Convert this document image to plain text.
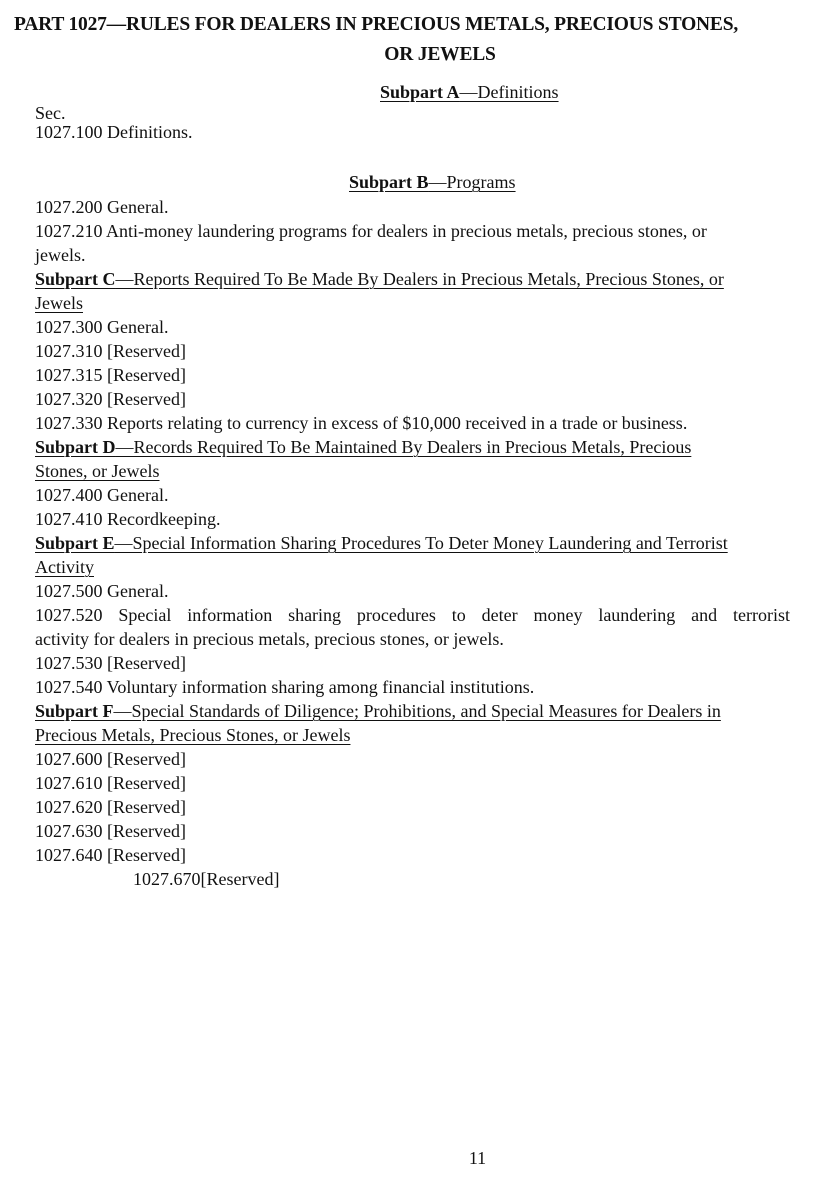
PART 1027—RULES FOR DEALERS IN PRECIOUS METALS, PRECIOUS STONES,
OR JEWELS
Subpart A—Definitions
Sec.
1027.100 Definitions.
Subpart B—Programs
1027.200 General.
1027.210 Anti-money laundering programs for dealers in precious metals, precious stones, or
jewels.
Subpart C—Reports Required To Be Made By Dealers in Precious Metals, Precious Stones, or
Jewels
1027.300 General.
1027.310 [Reserved]
1027.315 [Reserved]
1027.320 [Reserved]
1027.330 Reports relating to currency in excess of $10,000 received in a trade or business.
Subpart D—Records Required To Be Maintained By Dealers in Precious Metals, Precious
Stones, or Jewels
1027.400 General.
1027.410 Recordkeeping.
Subpart E—Special Information Sharing Procedures To Deter Money Laundering and Terrorist
Activity
1027.500 General.
1027.520 Special information sharing procedures to deter money laundering and terrorist
activity for dealers in precious metals, precious stones, or jewels.
1027.530 [Reserved]
1027.540 Voluntary information sharing among financial institutions.
Subpart F—Special Standards of Diligence; Prohibitions, and Special Measures for Dealers in
Precious Metals, Precious Stones, or Jewels
1027.600 [Reserved]
1027.610 [Reserved]
1027.620 [Reserved]
1027.630 [Reserved]
1027.640 [Reserved]
1027.670[Reserved]
11
